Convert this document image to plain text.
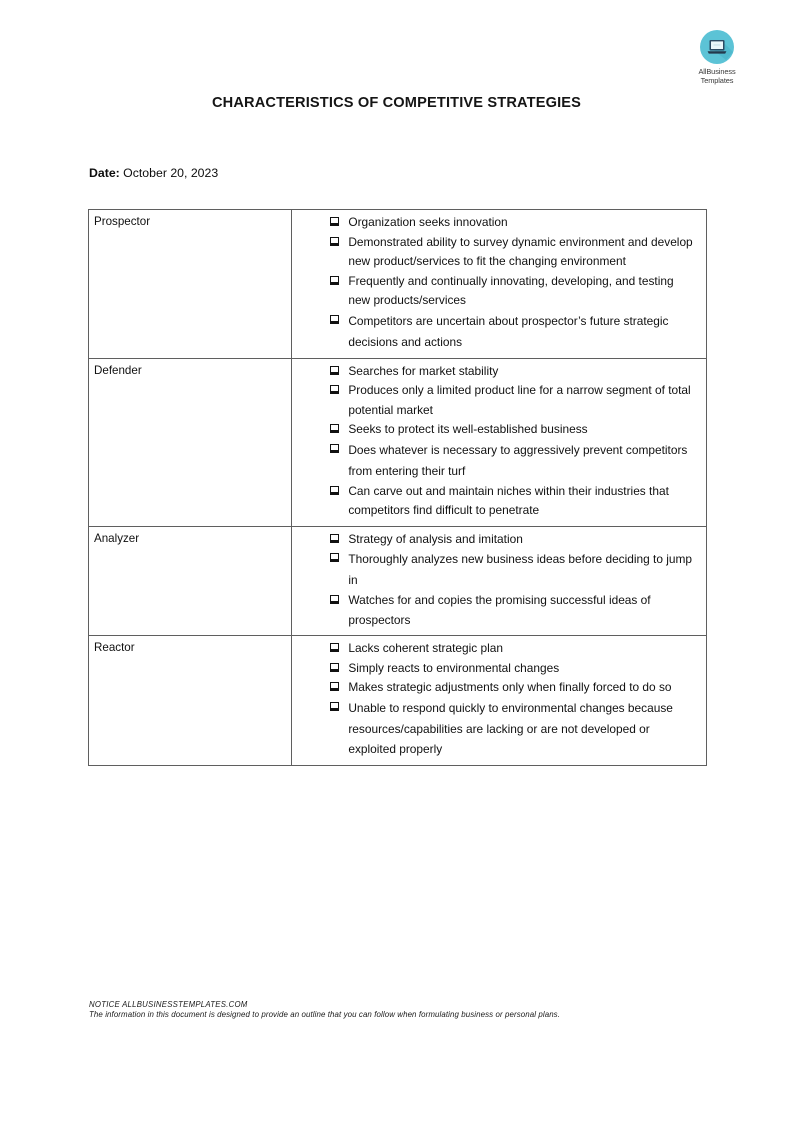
AllBusiness
Templates
CHARACTERISTICS OF COMPETITIVE STRATEGIES
Date: October 20, 2023
Prospector	Organization seeks innovation
Demonstrated ability to survey dynamic environment and develop new product/services to fit the changing environment
Frequently and continually innovating, developing, and testing new products/services
Competitors are uncertain about prospector’s future strategic decisions and actions

Defender	Searches for market stability
Produces only a limited product line for a narrow segment of total potential market
Seeks to protect its well-established business
Does whatever is necessary to aggressively prevent competitors from entering their turf
Can carve out and maintain niches within their industries that competitors find difficult to penetrate

Analyzer	Strategy of analysis and imitation
Thoroughly analyzes new business ideas before deciding to jump in
Watches for and copies the promising successful ideas of prospectors

Reactor	Lacks coherent strategic plan
Simply reacts to environmental changes
Makes strategic adjustments only when finally forced to do so
Unable to respond quickly to environmental changes because resources/capabilities are lacking or are not developed or exploited properly
NOTICE ALLBUSINESSTEMPLATES.COM
The information in this document is designed to provide an outline that you can follow when formulating business or personal plans.
